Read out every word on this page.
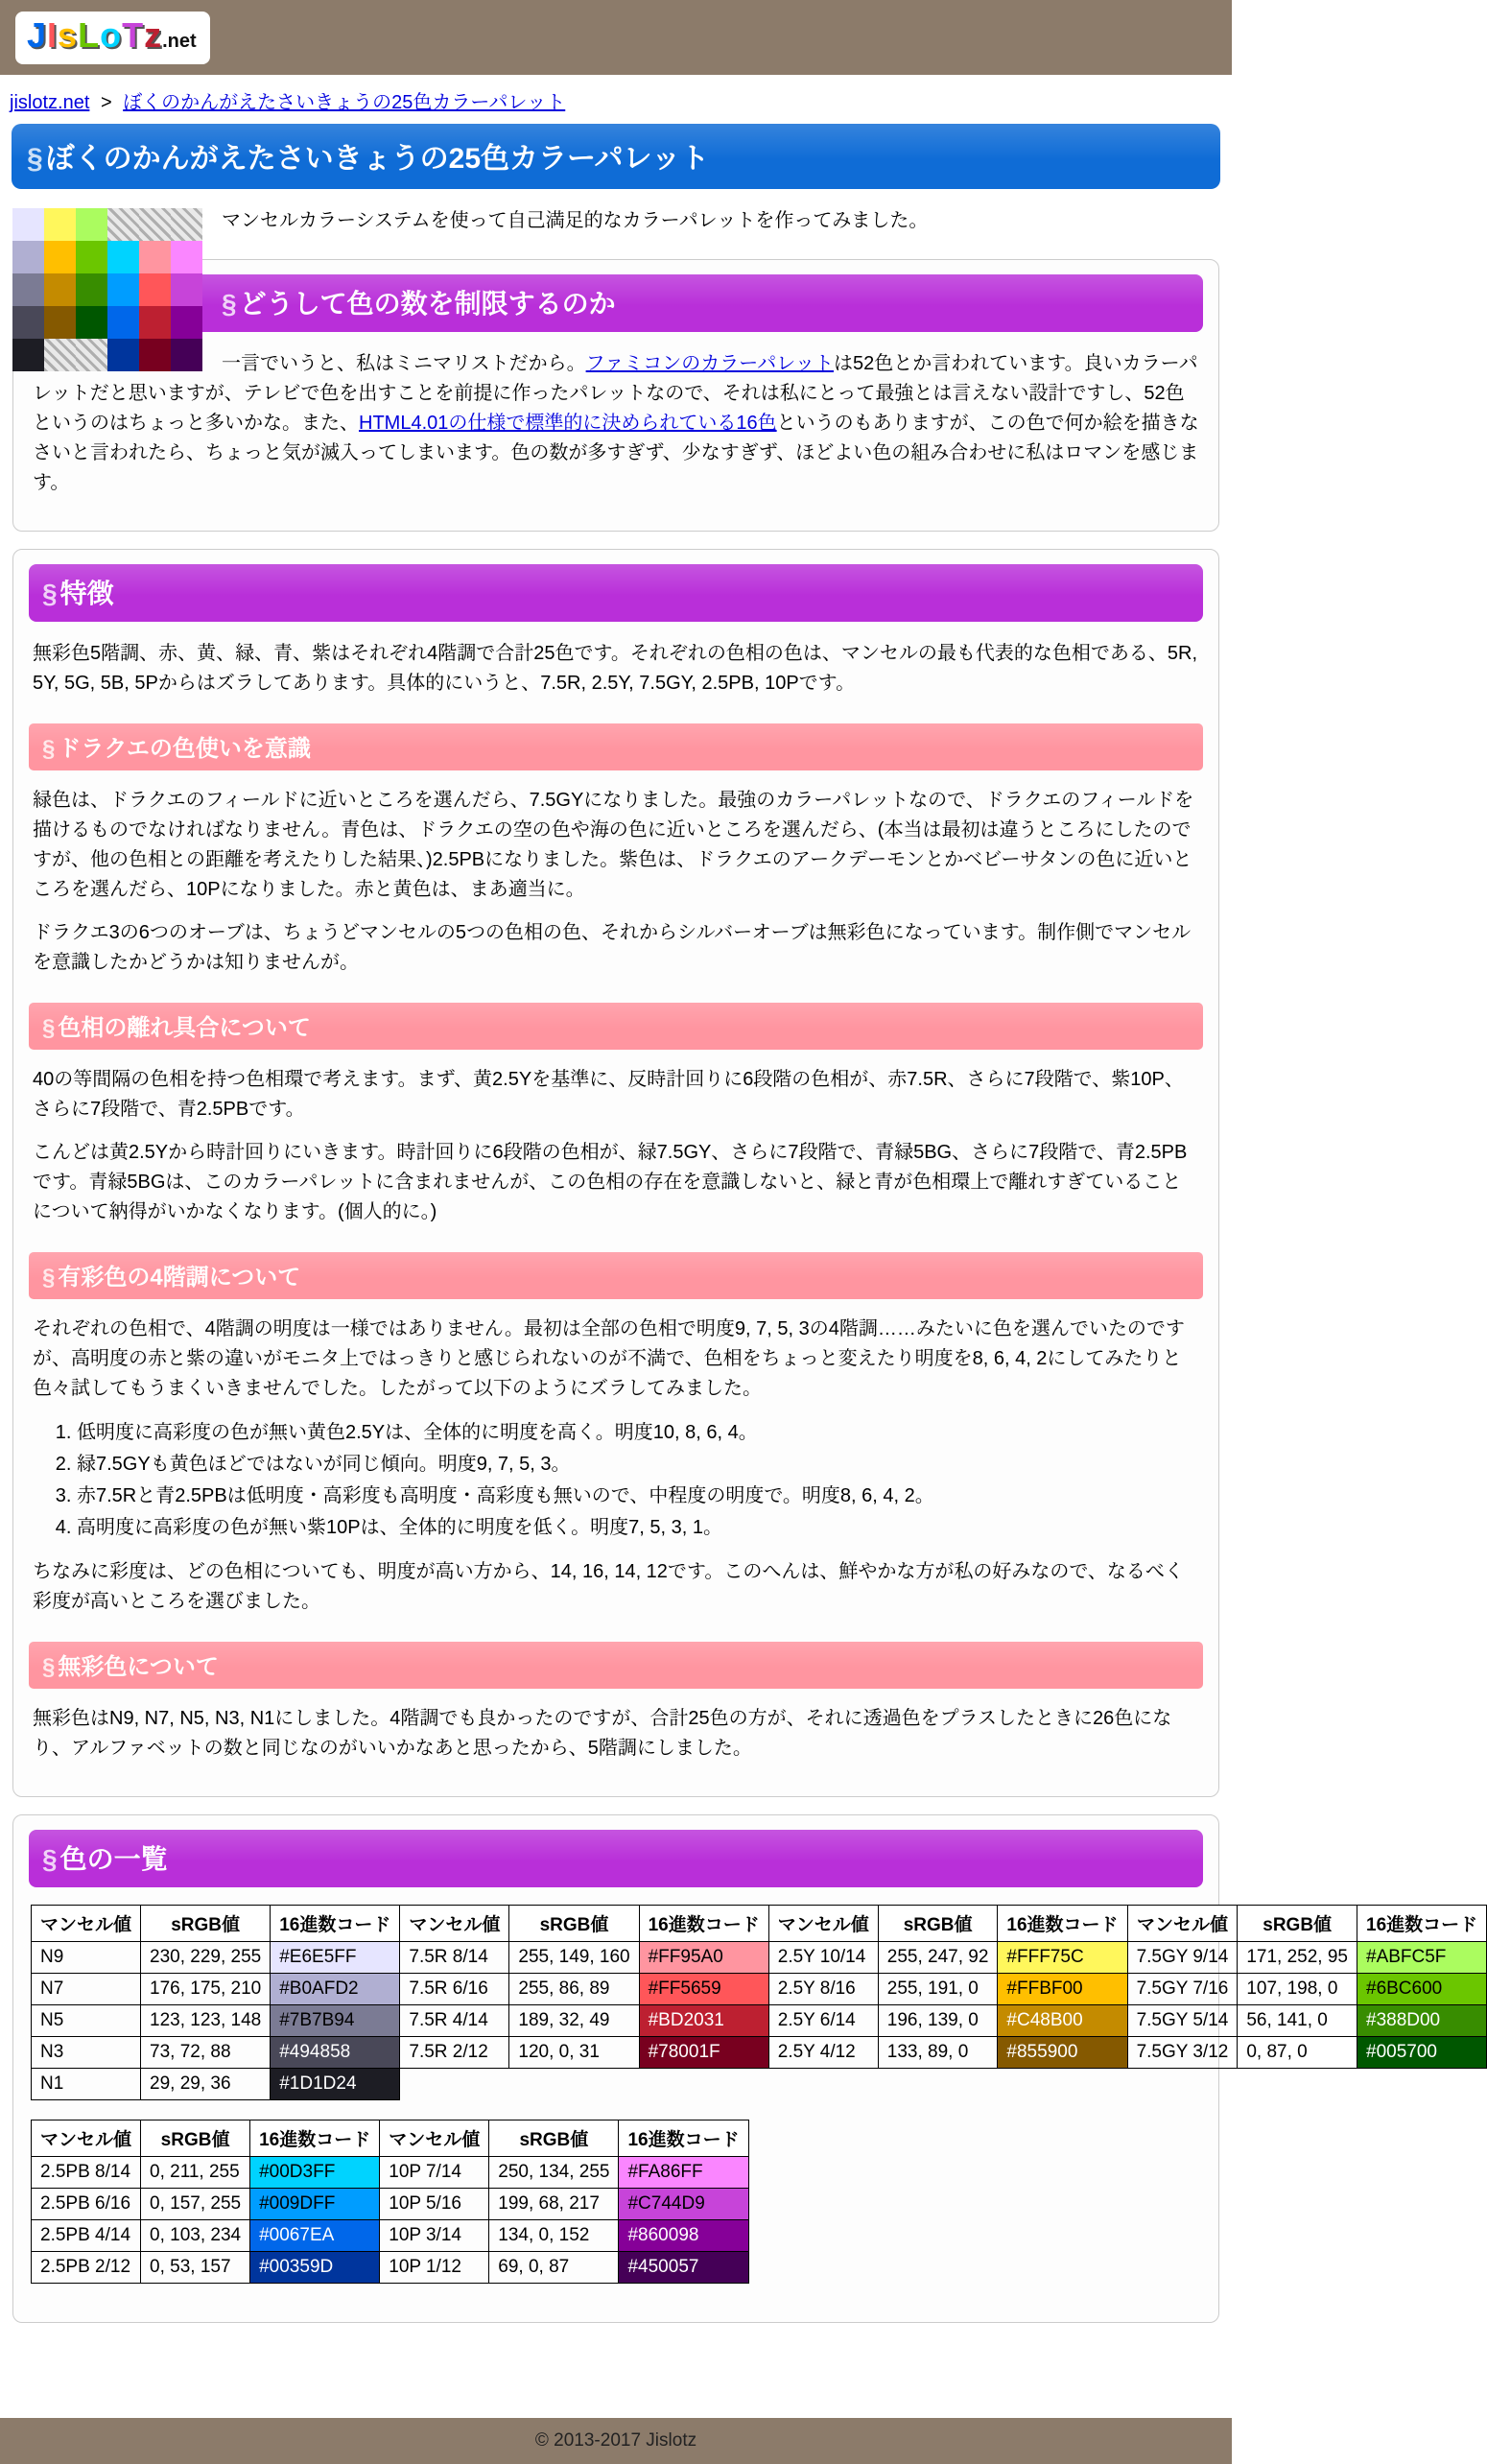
JIsLoTz.net
jislotz.net > ぼくのかんがえたさいきょうの25色カラーパレット
§ ぼくのかんがえたさいきょうの25色カラーパレット

マンセルカラーシステムを使って自己満足的なカラーパレットを作ってみました。

§ どうして色の数を制限するのか

一言でいうと、私はミニマリストだから。ファミコンのカラーパレットは52色とか言われています。良いカラーパレットだと思いますが、テレビで色を出すことを前提に作ったパレットなので、それは私にとって最強とは言えない設計ですし、52色というのはちょっと多いかな。また、HTML4.01の仕様で標準的に決められている16色というのもありますが、この色で何か絵を描きなさいと言われたら、ちょっと気が滅入ってしまいます。色の数が多すぎず、少なすぎず、ほどよい色の組み合わせに私はロマンを感じます。

§ 特徴

無彩色5階調、赤、黄、緑、青、紫はそれぞれ4階調で合計25色です。それぞれの色相の色は、マンセルの最も代表的な色相である、5R, 5Y, 5G, 5B, 5Pからはズラしてあります。具体的にいうと、7.5R, 2.5Y, 7.5GY, 2.5PB, 10Pです。

§ ドラクエの色使いを意識

緑色は、ドラクエのフィールドに近いところを選んだら、7.5GYになりました。最強のカラーパレットなので、ドラクエのフィールドを描けるものでなければなりません。青色は、ドラクエの空の色や海の色に近いところを選んだら、(本当は最初は違うところにしたのですが、他の色相との距離を考えたりした結果、)2.5PBになりました。紫色は、ドラクエのアークデーモンとかベビーサタンの色に近いところを選んだら、10Pになりました。赤と黄色は、まあ適当に。

ドラクエ3の6つのオーブは、ちょうどマンセルの5つの色相の色、それからシルバーオーブは無彩色になっています。制作側でマンセルを意識したかどうかは知りませんが。

§ 色相の離れ具合について

40の等間隔の色相を持つ色相環で考えます。まず、黄2.5Yを基準に、反時計回りに6段階の色相が、赤7.5R、さらに7段階で、紫10P、さらに7段階で、青2.5PBです。

こんどは黄2.5Yから時計回りにいきます。時計回りに6段階の色相が、緑7.5GY、さらに7段階で、青緑5BG、さらに7段階で、青2.5PBです。青緑5BGは、このカラーパレットに含まれませんが、この色相の存在を意識しないと、緑と青が色相環上で離れすぎていることについて納得がいかなくなります。(個人的に。)

§ 有彩色の4階調について

それぞれの色相で、4階調の明度は一様ではありません。最初は全部の色相で明度9, 7, 5, 3の4階調……みたいに色を選んでいたのですが、高明度の赤と紫の違いがモニタ上ではっきりと感じられないのが不満で、色相をちょっと変えたり明度を8, 6, 4, 2にしてみたりと色々試してもうまくいきませんでした。したがって以下のようにズラしてみました。

1. 低明度に高彩度の色が無い黄色2.5Yは、全体的に明度を高く。明度10, 8, 6, 4。
2. 緑7.5GYも黄色ほどではないが同じ傾向。明度9, 7, 5, 3。
3. 赤7.5Rと青2.5PBは低明度・高彩度も高明度・高彩度も無いので、中程度の明度で。明度8, 6, 4, 2。
4. 高明度に高彩度の色が無い紫10Pは、全体的に明度を低く。明度7, 5, 3, 1。

ちなみに彩度は、どの色相についても、明度が高い方から、14, 16, 14, 12です。このへんは、鮮やかな方が私の好みなので、なるべく彩度が高いところを選びました。

§ 無彩色について

無彩色はN9, N7, N5, N3, N1にしました。4階調でも良かったのですが、合計25色の方が、それに透過色をプラスしたときに26色になり、アルファベットの数と同じなのがいいかなあと思ったから、5階調にしました。

§ 色の一覧
マンセル値	sRGB値	16進数コード	マンセル値	sRGB値	16進数コード	マンセル値	sRGB値	16進数コード	マンセル値	sRGB値	16進数コード
N9	230, 229, 255	#E6E5FF	7.5R 8/14	255, 149, 160	#FF95A0	2.5Y 10/14	255, 247, 92	#FFF75C	7.5GY 9/14	171, 252, 95	#ABFC5F
N7	176, 175, 210	#B0AFD2	7.5R 6/16	255, 86, 89	#FF5659	2.5Y 8/16	255, 191, 0	#FFBF00	7.5GY 7/16	107, 198, 0	#6BC600
N5	123, 123, 148	#7B7B94	7.5R 4/14	189, 32, 49	#BD2031	2.5Y 6/14	196, 139, 0	#C48B00	7.5GY 5/14	56, 141, 0	#388D00
N3	73, 72, 88	#494858	7.5R 2/12	120, 0, 31	#78001F	2.5Y 4/12	133, 89, 0	#855900	7.5GY 3/12	0, 87, 0	#005700
N1	29, 29, 36	#1D1D24									
マンセル値	sRGB値	16進数コード	マンセル値	sRGB値	16進数コード
2.5PB 8/14	0, 211, 255	#00D3FF	10P 7/14	250, 134, 255	#FA86FF
2.5PB 6/16	0, 157, 255	#009DFF	10P 5/16	199, 68, 217	#C744D9
2.5PB 4/14	0, 103, 234	#0067EA	10P 3/14	134, 0, 152	#860098
2.5PB 2/12	0, 53, 157	#00359D	10P 1/12	69, 0, 87	#450057
© 2013-2017 Jislotz
